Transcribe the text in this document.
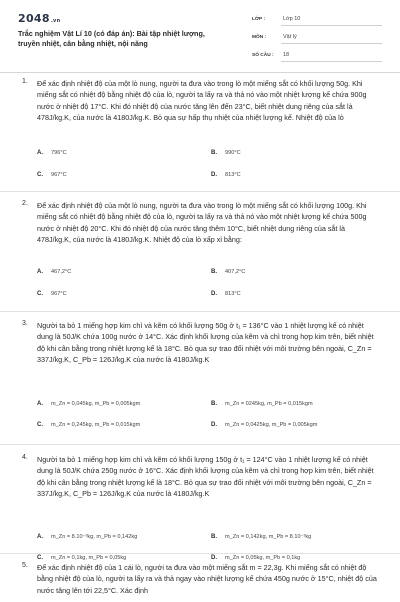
2048.vn
Trắc nghiệm Vật Lí 10 (có đáp án): Bài tập nhiệt lượng, truyền nhiệt, cân bằng nhiệt, nội năng
LỚP :	Lớp 10
MÔN :	Vật lý
SỐ CÂU : 18
1. Để xác định nhiệt độ của một lò nung, người ta đưa vào trong lò một miếng sắt có khối lượng 50g. Khi miếng sắt có nhiệt độ bằng nhiệt độ của lò, người ta lấy ra và thả nó vào một nhiệt lượng kế chứa 900g nước ở nhiệt độ 17°C. Khi đó nhiệt độ của nước tăng lên đến 23°C, biết nhiệt dung riêng của sắt là 478J/kg.K, của nước là 4180J/kg.K. Bỏ qua sự hấp thụ nhiệt của nhiệt lượng kế. Nhiệt độ của lò
A. 796°C	B. 990°C
C. 967°C	D. 813°C
2. Để xác định nhiệt độ của một lò nung, người ta đưa vào trong lò một miếng sắt có khối lượng 100g. Khi miếng sắt có nhiệt độ bằng nhiệt độ của lò, người ta lấy ra và thả nó vào một nhiệt lượng kế chứa 500g nước ở nhiệt độ 20°C. Khi đó nhiệt độ của nước tăng thêm 10°C, biết nhiệt dung riêng của sắt là 478J/kg.K, của nước là 4180J/kg.K. Nhiệt độ của lò xấp xỉ bằng:
A. 467,2°C	B. 407,2°C
C. 967°C	D. 813°C
3. Người ta bỏ 1 miếng hợp kim chì và kẽm có khối lượng 50g ở t₁ = 136°C vào 1 nhiệt lượng kế có nhiệt dung là 50J/K chứa 100g nước ở 14°C. Xác định khối lượng của kẽm và chì trong hợp kim trên, biết nhiệt độ khi cân bằng trong nhiệt lượng kế là 18°C. Bỏ qua sự trao đổi nhiệt với môi trường bên ngoài, C_Zn = 337J/kg.K, C_Pb = 126J/kg.K của nước là 4180J/kg.K
A. m_Zn = 0,045kg, m_Pb = 0,005kgm	B. m_Zn = 0245kg, m_Pb = 0,015kgm
C. m_Zn = 0,245kg, m_Pb = 0,015kgm	D. m_Zn = 0,0425kg, m_Pb = 0,005kgm
4. Người ta bỏ 1 miếng hợp kim chì và kẽm có khối lượng 150g ở t₁ = 124°C vào 1 nhiệt lượng kế có nhiệt dung là 50J/K chứa 250g nước ở 16°C. Xác định khối lượng của kẽm và chì trong hợp kim trên, biết nhiệt độ khi cân bằng trong nhiệt lượng kế là 18°C. Bỏ qua sự trao đổi nhiệt với môi trường bên ngoài, C_Zn = 337J/kg.K, C_Pb = 126J/kg.K của nước là 4180J/kg.K
A. m_Zn = 8.10⁻³kg, m_Pb = 0,142kg	B. m_Zn = 0,142kg, m_Pb = 8.10⁻³kg
C. m_Zn = 0,1kg, m_Pb = 0,05kg	D. m_Zn = 0,05kg, m_Pb = 0,1kg
5. Để xác định nhiệt độ của 1 cái lò, người ta đưa vào một miếng sắt m = 22,3g. Khi miếng sắt có nhiệt độ bằng nhiệt độ của lò, người ta lấy ra và thả ngay vào nhiệt lượng kế chứa 450g nước ở 15°C, nhiệt độ của nước tăng lên tới 22,5°C. Xác định
